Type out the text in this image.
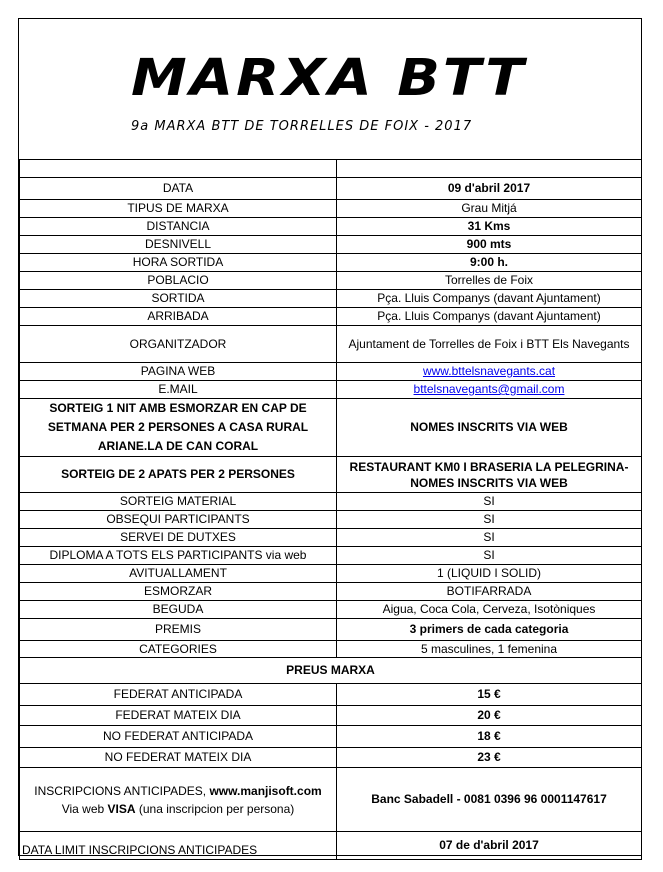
MARXA BTT
9a MARXA BTT DE TORRELLES DE FOIX - 2017

DATA	09 d'abril 2017
TIPUS DE MARXA	Grau Mitjá
DISTANCIA	31 Kms
DESNIVELL	900 mts
HORA SORTIDA	9:00 h.
POBLACIO	Torrelles de Foix
SORTIDA	Pça. Lluis Companys (davant Ajuntament)
ARRIBADA	Pça. Lluis Companys (davant Ajuntament)
ORGANITZADOR	Ajuntament de Torrelles de Foix i BTT Els Navegants
PAGINA WEB	www.bttelsnavegants.cat
E.MAIL	bttelsnavegants@gmail.com

SORTEIG 1 NIT AMB ESMORZAR EN CAP DE
SETMANA PER 2 PERSONES A CASA RURAL
ARIANE.LA DE CAN CORAL	NOMES INSCRITS VIA WEB
SORTEIG DE 2 APATS PER 2 PERSONES	RESTAURANT KM0 I BRASERIA LA PELEGRINA-
NOMES INSCRITS VIA WEB

SORTEIG MATERIAL	SI
OBSEQUI PARTICIPANTS	SI
SERVEI DE DUTXES	SI
DIPLOMA A TOTS ELS PARTICIPANTS via web	SI
AVITUALLAMENT	1 (LIQUID I SOLID)
ESMORZAR	BOTIFARRADA
BEGUDA	Aigua, Coca Cola, Cerveza, Isotòniques
PREMIS	3 primers de cada categoria
CATEGORIES	5 masculines, 1 femenina
PREUS MARXA	
FEDERAT ANTICIPADA	15 €
FEDERAT MATEIX DIA	20 €
NO FEDERAT ANTICIPADA	18 €
NO FEDERAT MATEIX DIA	23 €

INSCRIPCIONS ANTICIPADES, www.manjisoft.com
Via web VISA (una inscripcion per persona)	Banc Sabadell - 0081 0396 96 0001147617
DATA LIMIT INSCRIPCIONS ANTICIPADES	07 de d'abril 2017
